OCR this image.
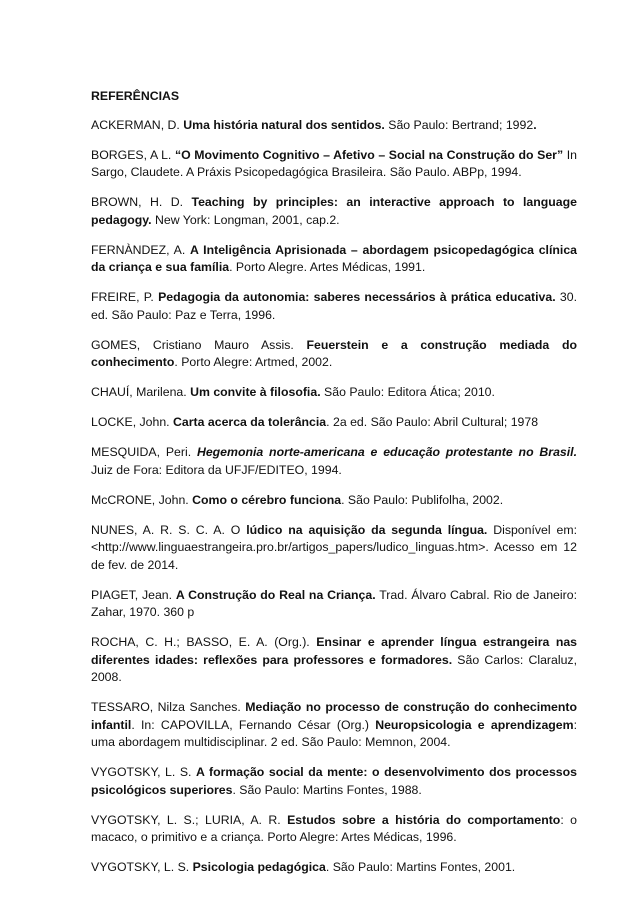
REFERÊNCIAS
ACKERMAN, D. Uma história natural dos sentidos. São Paulo: Bertrand; 1992.
BORGES, A L. “O Movimento Cognitivo – Afetivo – Social na Construção do Ser” In Sargo, Claudete. A Práxis Psicopedagógica Brasileira. São Paulo. ABPp, 1994.
BROWN, H. D. Teaching by principles: an interactive approach to language pedagogy. New York: Longman, 2001, cap.2.
FERNÀNDEZ, A. A Inteligência Aprisionada – abordagem psicopedagógica clínica da criança e sua família. Porto Alegre. Artes Médicas, 1991.
FREIRE, P. Pedagogia da autonomia: saberes necessários à prática educativa. 30. ed. São Paulo: Paz e Terra, 1996.
GOMES, Cristiano Mauro Assis. Feuerstein e a construção mediada do conhecimento. Porto Alegre: Artmed, 2002.
CHAUÍ, Marilena. Um convite à filosofia. São Paulo: Editora Ática; 2010.
LOCKE, John. Carta acerca da tolerância. 2a ed. São Paulo: Abril Cultural; 1978
MESQUIDA, Peri. Hegemonia norte-americana e educação protestante no Brasil. Juiz de Fora: Editora da UFJF/EDITEO, 1994.
McCRONE, John. Como o cérebro funciona. São Paulo: Publifolha, 2002.
NUNES, A. R. S. C. A. O lúdico na aquisição da segunda língua. Disponível em: <http://www.linguaestrangeira.pro.br/artigos_papers/ludico_linguas.htm>. Acesso em 12 de fev. de 2014.
PIAGET, Jean. A Construção do Real na Criança. Trad. Álvaro Cabral. Rio de Janeiro: Zahar, 1970. 360 p
ROCHA, C. H.; BASSO, E. A. (Org.). Ensinar e aprender língua estrangeira nas diferentes idades: reflexões para professores e formadores. São Carlos: Claraluz, 2008.
TESSARO, Nilza Sanches. Mediação no processo de construção do conhecimento infantil. In: CAPOVILLA, Fernando César (Org.) Neuropsicologia e aprendizagem: uma abordagem multidisciplinar. 2 ed. São Paulo: Memnon, 2004.
VYGOTSKY, L. S. A formação social da mente: o desenvolvimento dos processos psicológicos superiores. São Paulo: Martins Fontes, 1988.
VYGOTSKY, L. S.; LURIA, A. R. Estudos sobre a história do comportamento: o macaco, o primitivo e a criança. Porto Alegre: Artes Médicas, 1996.
VYGOTSKY, L. S. Psicologia pedagógica. São Paulo: Martins Fontes, 2001.
